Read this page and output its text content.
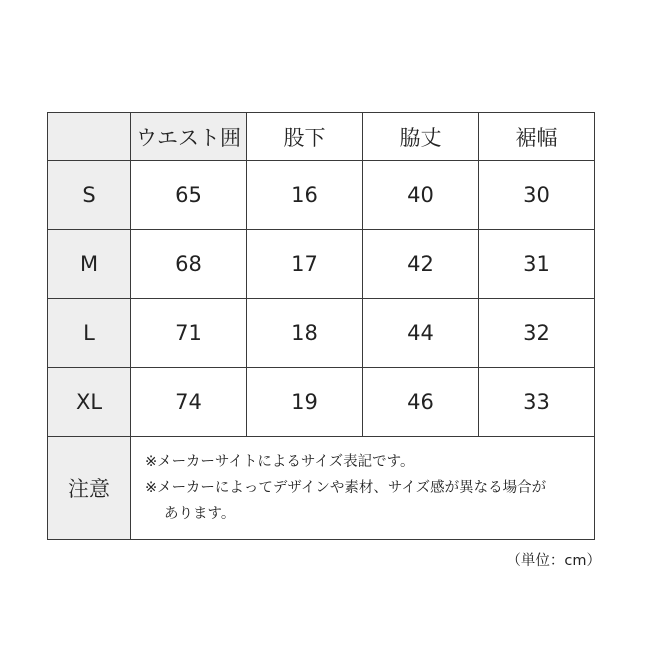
	ウエスト囲	股下	脇丈	裾幅
S	65	16	40	30
M	68	17	42	31
L	71	18	44	32
XL	74	19	46	33
注意	※メーカーサイトによるサイズ表記です。
※メーカーによってデザインや素材、サイズ感が異なる場合が
あります。			
（単位：cm）
